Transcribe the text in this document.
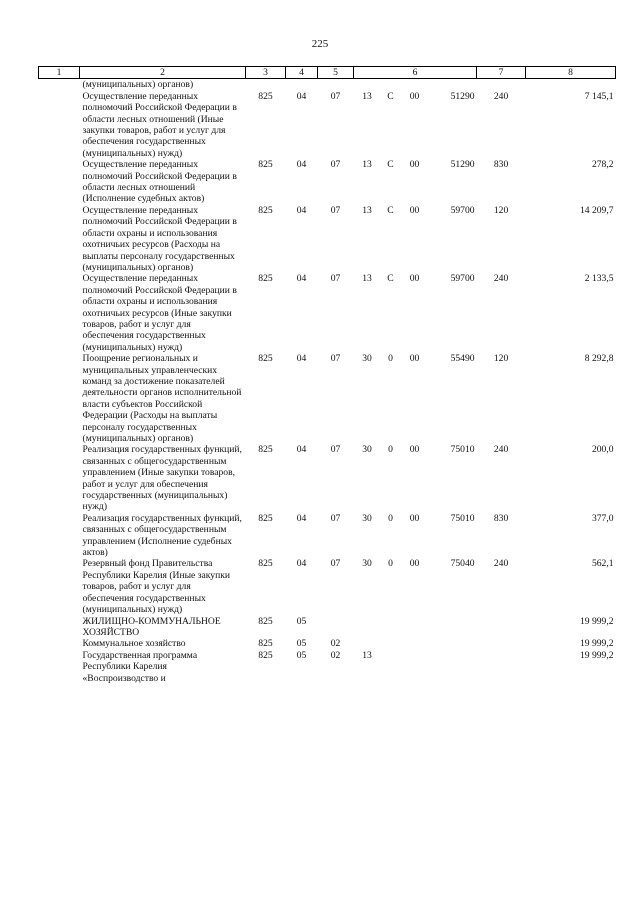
225
1	2	3	4	5	6				7	8
	(муниципальных) органов)									
	Осуществление переданных полномочий Российской Федерации в области лесных отношений (Иные закупки товаров, работ и услуг для обеспечения государственных (муниципальных) нужд)	825	04	07	13	С	00	51290	240	7 145,1
	Осуществление переданных полномочий Российской Федерации в области лесных отношений (Исполнение судебных актов)	825	04	07	13	С	00	51290	830	278,2
	Осуществление переданных полномочий Российской Федерации в области охраны и использования охотничьих ресурсов (Расходы на выплаты персоналу государственных (муниципальных) органов)	825	04	07	13	С	00	59700	120	14 209,7
	Осуществление переданных полномочий Российской Федерации в области охраны и использования охотничьих ресурсов (Иные закупки товаров, работ и услуг для обеспечения государственных (муниципальных) нужд)	825	04	07	13	С	00	59700	240	2 133,5
	Поощрение региональных и муниципальных управленческих команд за достижение показателей деятельности органов исполнительной власти субъектов Российской Федерации (Расходы на выплаты персоналу государственных (муниципальных) органов)	825	04	07	30	0	00	55490	120	8 292,8
	Реализация государственных функций, связанных с общегосударственным управлением (Иные закупки товаров, работ и услуг для обеспечения государственных (муниципальных) нужд)	825	04	07	30	0	00	75010	240	200,0
	Реализация государственных функций, связанных с общегосударственным управлением (Исполнение судебных актов)	825	04	07	30	0	00	75010	830	377,0
	Резервный фонд Правительства Республики Карелия (Иные закупки товаров, работ и услуг для обеспечения государственных (муниципальных) нужд)	825	04	07	30	0	00	75040	240	562,1
	ЖИЛИЩНО-КОММУНАЛЬНОЕ ХОЗЯЙСТВО	825	05							19 999,2
	Коммунальное хозяйство	825	05	02						19 999,2
	Государственная программа Республики Карелия «Воспроизводство и	825	05	02	13					19 999,2
